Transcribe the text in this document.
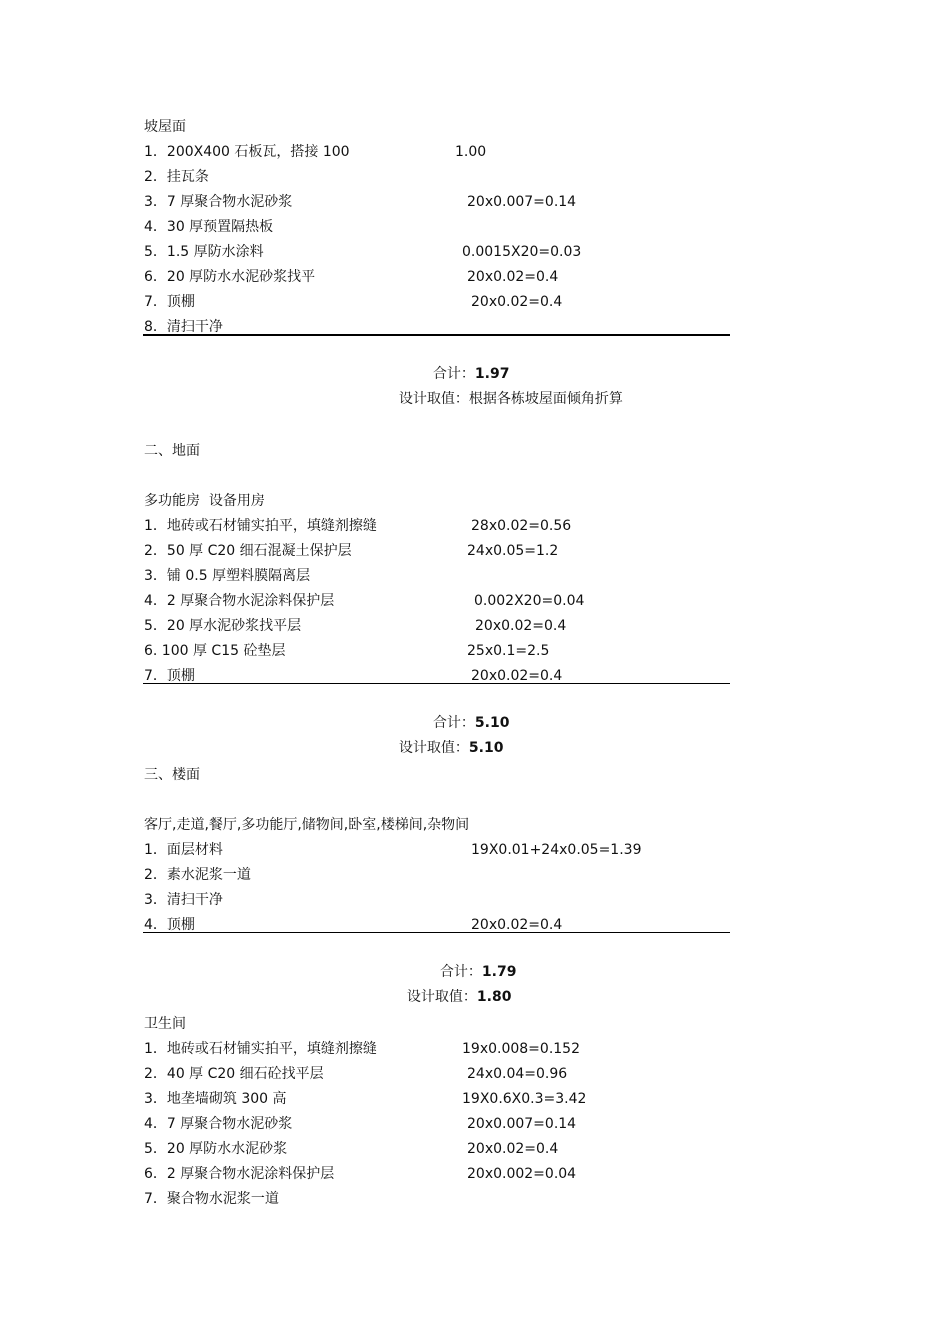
坡屋面
1．200X400 石板瓦，搭接 100	1.00
2．挂瓦条
3．7 厚聚合物水泥砂浆	20x0.007=0.14
4．30 厚预置隔热板
5．1.5 厚防水涂料	0.0015X20=0.03
6．20 厚防水水泥砂浆找平	20x0.02=0.4
7．顶棚	20x0.02=0.4
8．清扫干净

合计：1.97

设计取值：根据各栋坡屋面倾角折算

二、地面
多功能房  设备用房
1．地砖或石材铺实拍平，填缝剂擦缝	28x0.02=0.56
2．50 厚 C20 细石混凝土保护层	24x0.05=1.2
3．铺 0.5 厚塑料膜隔离层
4．2 厚聚合物水泥涂料保护层	0.002X20=0.04
5．20 厚水泥砂浆找平层	20x0.02=0.4
6. 100 厚 C15 砼垫层	25x0.1=2.5
7．顶棚	20x0.02=0.4

合计：5.10

设计取值：5.10

三、楼面
客厅,走道,餐厅,多功能厅,储物间,卧室,楼梯间,杂物间
1．面层材料	19X0.01+24x0.05=1.39
2．素水泥浆一道
3．清扫干净
4．顶棚	20x0.02=0.4

合计：1.79

设计取值：1.80

卫生间
1．地砖或石材铺实拍平，填缝剂擦缝	19x0.008=0.152
2．40 厚 C20 细石砼找平层	24x0.04=0.96
3．地垄墙砌筑 300 高	19X0.6X0.3=3.42
4．7 厚聚合物水泥砂浆	20x0.007=0.14
5．20 厚防水水泥砂浆	20x0.02=0.4
6．2 厚聚合物水泥涂料保护层	20x0.002=0.04
7．聚合物水泥浆一道
